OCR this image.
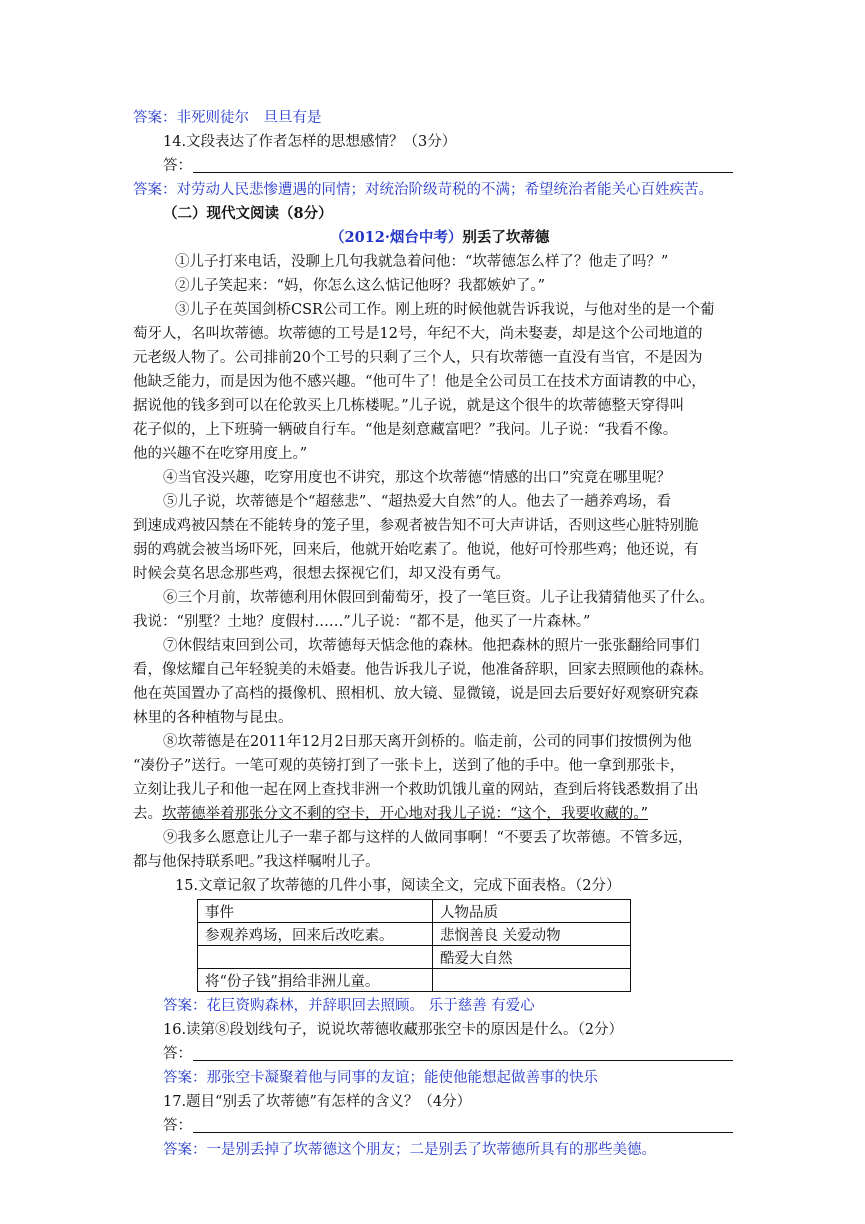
答案：非死则徒尔　旦旦有是
14.文段表达了作者怎样的思想感情？（3分）
答：
答案：对劳动人民悲惨遭遇的同情；对统治阶级苛税的不满；希望统治者能关心百姓疾苦。
（二）现代文阅读（8分）
（2012·烟台中考）别丢了坎蒂德
①儿子打来电话，没聊上几句我就急着问他：“坎蒂德怎么样了？他走了吗？”
②儿子笑起来：“妈，你怎么这么惦记他呀？我都嫉妒了。”
③儿子在英国剑桥CSR公司工作。刚上班的时候他就告诉我说，与他对坐的是一个葡
萄牙人，名叫坎蒂德。坎蒂德的工号是12号，年纪不大，尚未娶妻，却是这个公司地道的
元老级人物了。公司排前20个工号的只剩了三个人，只有坎蒂德一直没有当官，不是因为
他缺乏能力，而是因为他不感兴趣。“他可牛了！他是全公司员工在技术方面请教的中心，
据说他的钱多到可以在伦敦买上几栋楼呢。”儿子说，就是这个很牛的坎蒂德整天穿得叫
花子似的，上下班骑一辆破自行车。“他是刻意藏富吧？”我问。儿子说：“我看不像。
他的兴趣不在吃穿用度上。”
④当官没兴趣，吃穿用度也不讲究，那这个坎蒂德“情感的出口”究竟在哪里呢？
⑤儿子说，坎蒂德是个“超慈悲”、“超热爱大自然”的人。他去了一趟养鸡场，看
到速成鸡被囚禁在不能转身的笼子里，参观者被告知不可大声讲话，否则这些心脏特别脆
弱的鸡就会被当场吓死，回来后，他就开始吃素了。他说，他好可怜那些鸡；他还说，有
时候会莫名思念那些鸡，很想去探视它们，却又没有勇气。
⑥三个月前，坎蒂德利用休假回到葡萄牙，投了一笔巨资。儿子让我猜猜他买了什么。
我说：“别墅？土地？度假村……”儿子说：“都不是，他买了一片森林。”
⑦休假结束回到公司，坎蒂德每天惦念他的森林。他把森林的照片一张张翻给同事们
看，像炫耀自己年轻貌美的未婚妻。他告诉我儿子说，他准备辞职，回家去照顾他的森林。
他在英国置办了高档的摄像机、照相机、放大镜、显微镜，说是回去后要好好观察研究森
林里的各种植物与昆虫。
⑧坎蒂德是在2011年12月2日那天离开剑桥的。临走前，公司的同事们按惯例为他
“凑份子”送行。一笔可观的英镑打到了一张卡上，送到了他的手中。他一拿到那张卡，
立刻让我儿子和他一起在网上查找非洲一个救助饥饿儿童的网站，查到后将钱悉数捐了出
去。坎蒂德举着那张分文不剩的空卡，开心地对我儿子说：“这个，我要收藏的。”
⑨我多么愿意让儿子一辈子都与这样的人做同事啊！“不要丢了坎蒂德。不管多远，
都与他保持联系吧。”我这样嘱咐儿子。
15.文章记叙了坎蒂德的几件小事，阅读全文，完成下面表格。（2分）
事件	人物品质
参观养鸡场，回来后改吃素。	悲悯善良 关爱动物
	酷爱大自然
将“份子钱”捐给非洲儿童。	
答案：花巨资购森林，并辞职回去照顾。 乐于慈善 有爱心
16.读第⑧段划线句子，说说坎蒂德收藏那张空卡的原因是什么。（2分）
答：
答案：那张空卡凝聚着他与同事的友谊；能使他能想起做善事的快乐
17.题目“别丢了坎蒂德”有怎样的含义？（4分）
答：
答案：一是别丢掉了坎蒂德这个朋友；二是别丢了坎蒂德所具有的那些美德。
